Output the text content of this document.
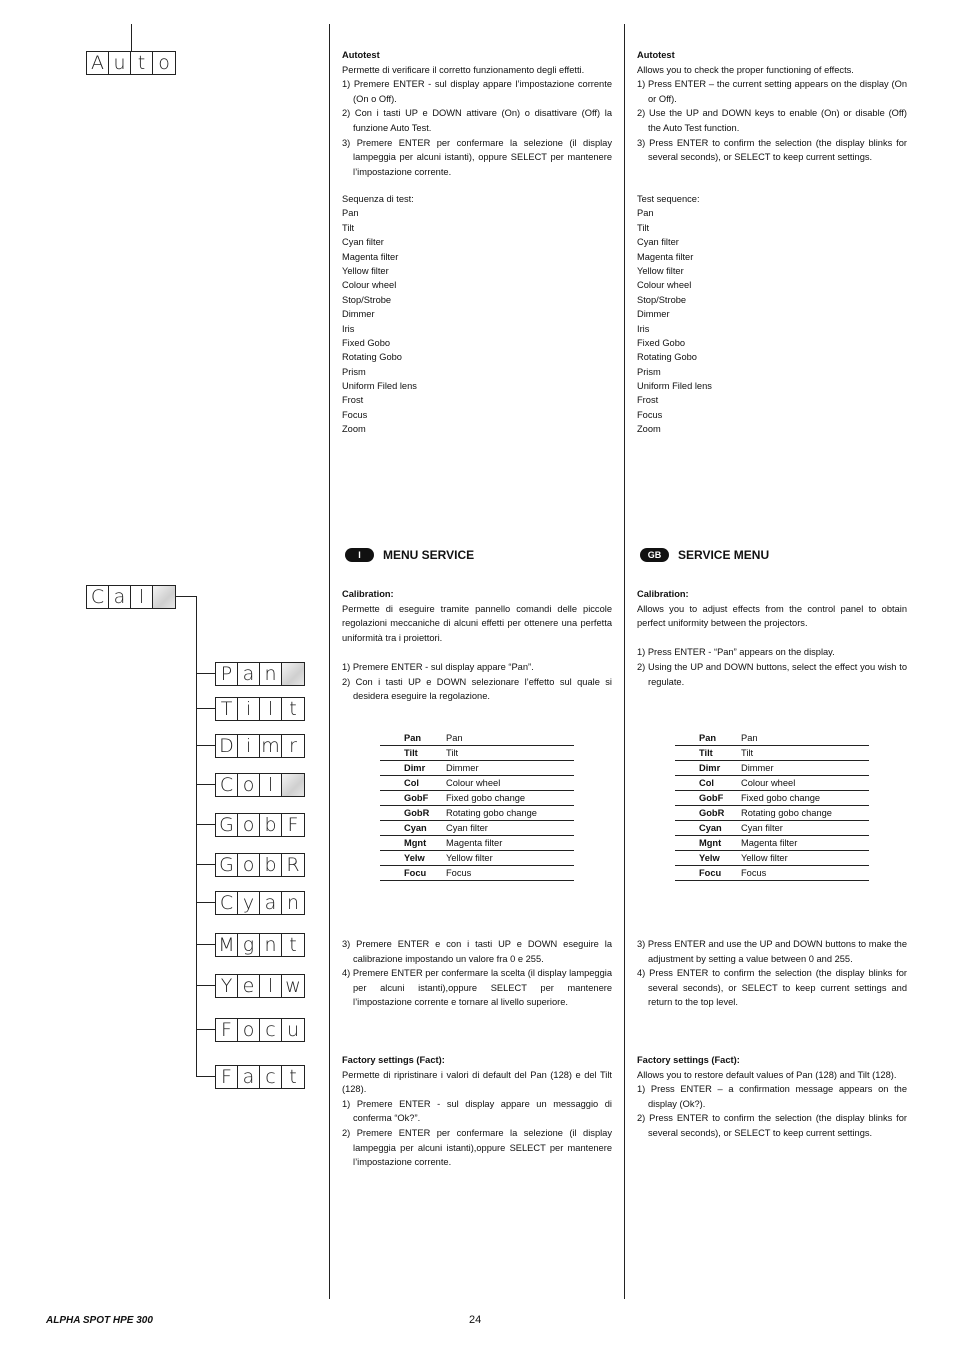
A u t o
C a l
P a n
T i l t
D i m r
C o l
G o b F
G o b R
C y a n
M g n t
Y e l w
F o c u
F a c t

Autotest

Permette di verificare il corretto funzionamento degli effetti.

1) Premere ENTER - sul display appare l’impostazione corrente (On o Off).

2) Con i tasti UP e DOWN attivare (On) o disattivare (Off) la funzione Auto Test.

3) Premere ENTER per confermare la selezione (il display lampeggia per alcuni istanti), oppure SELECT per mantenere l’impostazione corrente.

Sequenza di test:
Pan
Tilt
Cyan filter
Magenta filter
Yellow filter
Colour wheel
Stop/Strobe
Dimmer
Iris
Fixed Gobo
Rotating Gobo
Prism
Uniform Filed lens
Frost
Focus
Zoom
I	MENU SERVICE

Calibration:

Permette di eseguire tramite pannello comandi delle piccole regolazioni meccaniche di alcuni effetti per ottenere una perfetta uniformità tra i proiettori.

1) Premere ENTER - sul display appare “Pan”.

2) Con i tasti UP e DOWN selezionare l’effetto sul quale si desidera eseguire la regolazione.

Pan	Pan
Tilt	Tilt
Dimr	Dimmer
Col	Colour wheel
GobF	Fixed gobo change
GobR	Rotating gobo change
Cyan	Cyan filter
Mgnt	Magenta filter
Yelw	Yellow filter
Focu	Focus

3) Premere ENTER e con i tasti UP e DOWN eseguire la calibrazione impostando un valore fra 0 e 255.

4) Premere ENTER per confermare la scelta (il display lampeggia per alcuni istanti),oppure SELECT per mantenere l’impostazione corrente e tornare al livello superiore.

Factory settings (Fact):

Permette di ripristinare i valori di default del Pan (128) e del Tilt (128).

1) Premere ENTER - sul display appare un messaggio di conferma “Ok?”.

2) Premere ENTER per confermare la selezione (il display lampeggia per alcuni istanti),oppure SELECT per mantenere l’impostazione corrente.

Autotest

Allows you to check the proper functioning of effects.

1) Press ENTER – the current setting appears on the display (On or Off).

2) Use the UP and DOWN keys to enable (On) or disable (Off) the Auto Test function.

3) Press ENTER to confirm the selection (the display blinks for several seconds), or SELECT to keep current settings.

Test sequence:
Pan
Tilt
Cyan filter
Magenta filter
Yellow filter
Colour wheel
Stop/Strobe
Dimmer
Iris
Fixed Gobo
Rotating Gobo
Prism
Uniform Filed lens
Frost
Focus
Zoom
GB	SERVICE MENU

Calibration:

Allows you to adjust effects from the control panel to obtain perfect uniformity between the projectors.

1) Press ENTER - “Pan” appears on the display.

2) Using the UP and DOWN buttons, select the effect you wish to regulate.

Pan	Pan
Tilt	Tilt
Dimr	Dimmer
Col	Colour wheel
GobF	Fixed gobo change
GobR	Rotating gobo change
Cyan	Cyan filter
Mgnt	Magenta filter
Yelw	Yellow filter
Focu	Focus

3) Press ENTER and use the UP and DOWN buttons to make the adjustment by setting a value between 0 and 255.

4) Press ENTER to confirm the selection (the display blinks for several seconds), or SELECT to keep current settings and return to the top level.

Factory settings (Fact):

Allows you to restore default values of Pan (128) and Tilt (128).

1) Press ENTER – a confirmation message appears on the display (Ok?).

2) Press ENTER to confirm the selection (the display blinks for several seconds), or SELECT to keep current settings.

ALPHA SPOT HPE 300	24
